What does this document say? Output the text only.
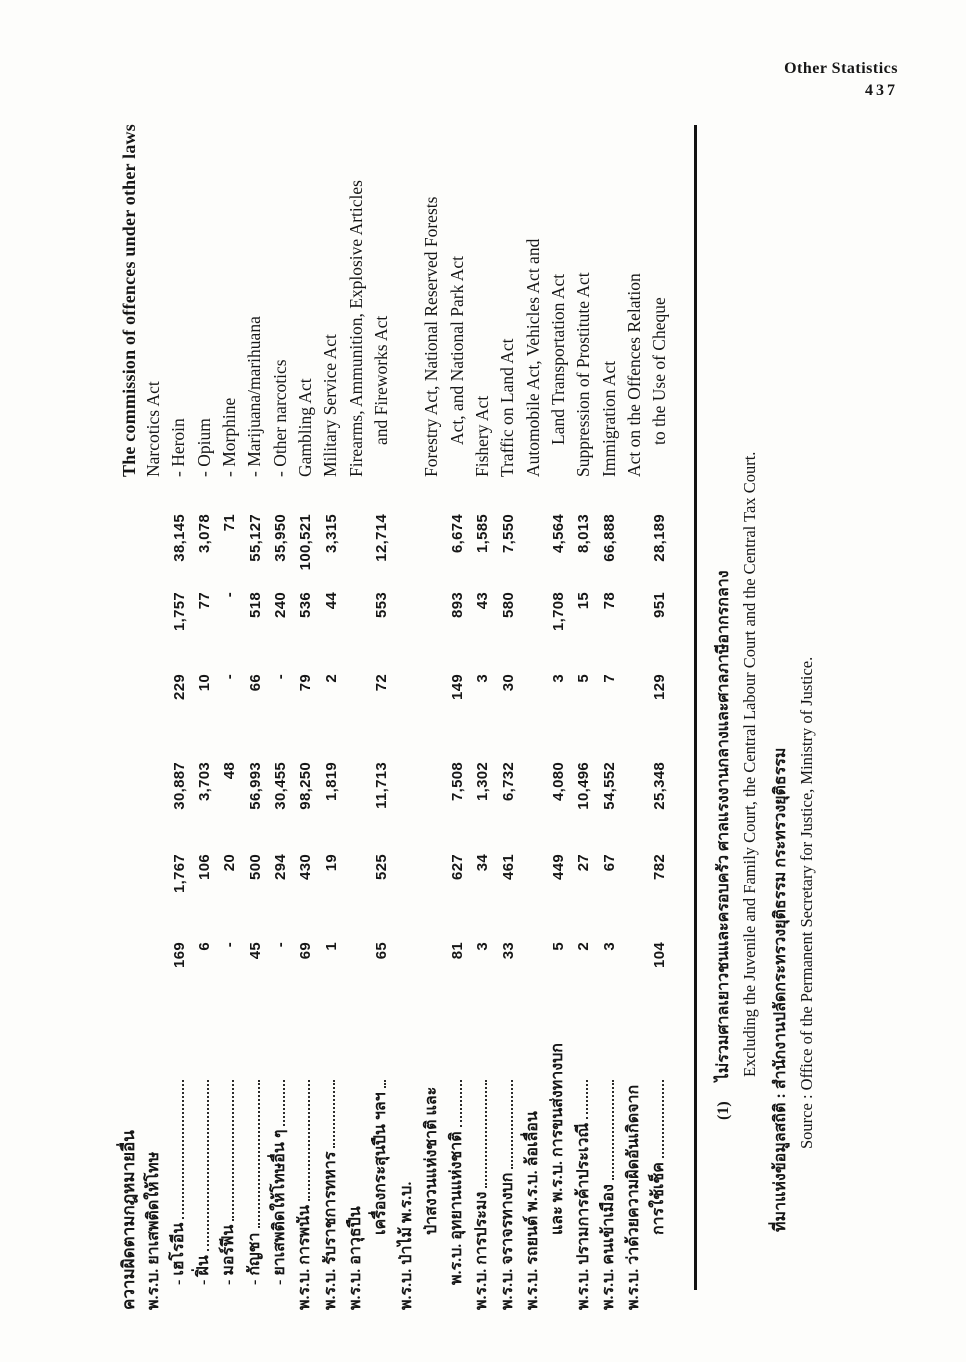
Other Statistics
437
ความผิดตามกฎหมายอื่น
The commission of offences under other laws
พ.ร.บ. ยาเสพติดให้โทษ
Narcotics Act
- เฮโรอีน
169
1,767
30,887
229
1,757
38,145
- Heroin
- ฝิ่น
6
106
3,703
10
77
3,078
- Opium
- มอร์ฟีน
-
20
48
-
-
71
- Morphine
- กัญชา
45
500
56,993
66
518
55,127
- Marijuana/marihuana
- ยาเสพติดให้โทษอื่น ๆ
-
294
30,455
-
240
35,950
- Other narcotics
พ.ร.บ. การพนัน
69
430
98,250
79
536
100,521
Gambling Act
พ.ร.บ. รับราชการทหาร
1
19
1,819
2
44
3,315
Military Service Act
พ.ร.บ. อาวุธปืน
Firearms, Ammunition, Explosive Articles
เครื่องกระสุนปืน ฯลฯ
65
525
11,713
72
553
12,714
and Fireworks Act
พ.ร.บ. ป่าไม้ พ.ร.บ.
ป่าสงวนแห่งชาติ และ
Forestry Act, National Reserved Forests
พ.ร.บ. อุทยานแห่งชาติ
81
627
7,508
149
893
6,674
Act, and National Park Act
พ.ร.บ. การประมง
3
34
1,302
3
43
1,585
Fishery Act
พ.ร.บ. จราจรทางบก
33
461
6,732
30
580
7,550
Traffic on Land Act
พ.ร.บ. รถยนต์ พ.ร.บ. ล้อเลื่อน
Automobile Act, Vehicles Act and
และ พ.ร.บ. การขนส่งทางบก
5
449
4,080
3
1,708
4,564
Land Transportation Act
พ.ร.บ. ปรามการค้าประเวณี
2
27
10,496
5
15
8,013
Suppression of Prostitute Act
พ.ร.บ. คนเข้าเมือง
3
67
54,552
7
78
66,888
Immigration Act
พ.ร.บ. ว่าด้วยความผิดอันเกิดจาก
Act on the Offences Relation
การใช้เช็ค
104
782
25,348
129
951
28,189
to the Use of Cheque
(1)ไม่รวมศาลเยาวชนและครอบครัว ศาลแรงงานกลางและศาลภาษีอากรกลาง Excluding the Juvenile and Family Court, the Central Labour Court and the Central Tax Court. ที่มาแห่งข้อมูลสถิติ : สำนักงานปลัดกระทรวงยุติธรรม กระทรวงยุติธรรม Source : Office of the Permanent Secretary for Justice, Ministry of Justice.
